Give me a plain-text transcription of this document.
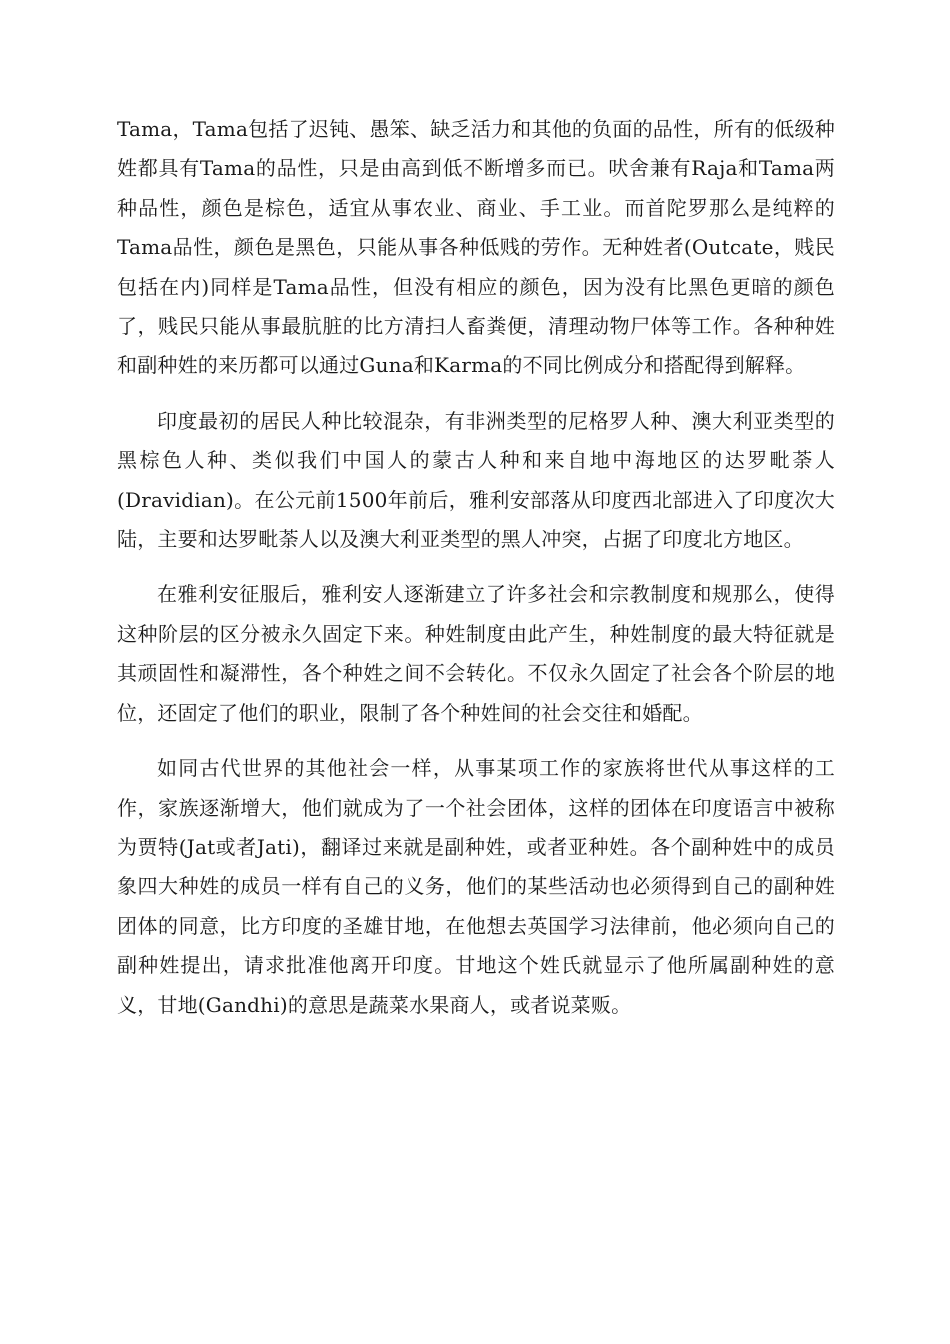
Tama，Tama包括了迟钝、愚笨、缺乏活力和其他的负面的品性，所有的低级种姓都具有Tama的品性，只是由高到低不断增多而已。吠舍兼有Raja和Tama两种品性，颜色是棕色，适宜从事农业、商业、手工业。而首陀罗那么是纯粹的Tama品性，颜色是黑色，只能从事各种低贱的劳作。无种姓者(Outcate，贱民包括在内)同样是Tama品性，但没有相应的颜色，因为没有比黑色更暗的颜色了，贱民只能从事最肮脏的比方清扫人畜粪便，清理动物尸体等工作。各种种姓和副种姓的来历都可以通过Guna和Karma的不同比例成分和搭配得到解释。

印度最初的居民人种比较混杂，有非洲类型的尼格罗人种、澳大利亚类型的黑棕色人种、类似我们中国人的蒙古人种和来自地中海地区的达罗毗荼人(Dravidian)。在公元前1500年前后，雅利安部落从印度西北部进入了印度次大陆，主要和达罗毗荼人以及澳大利亚类型的黑人冲突，占据了印度北方地区。

在雅利安征服后，雅利安人逐渐建立了许多社会和宗教制度和规那么，使得这种阶层的区分被永久固定下来。种姓制度由此产生，种姓制度的最大特征就是其顽固性和凝滞性，各个种姓之间不会转化。不仅永久固定了社会各个阶层的地位，还固定了他们的职业，限制了各个种姓间的社会交往和婚配。

如同古代世界的其他社会一样，从事某项工作的家族将世代从事这样的工作，家族逐渐增大，他们就成为了一个社会团体，这样的团体在印度语言中被称为贾特(Jat或者Jati)，翻译过来就是副种姓，或者亚种姓。各个副种姓中的成员象四大种姓的成员一样有自己的义务，他们的某些活动也必须得到自己的副种姓团体的同意，比方印度的圣雄甘地，在他想去英国学习法律前，他必须向自己的副种姓提出，请求批准他离开印度。甘地这个姓氏就显示了他所属副种姓的意义，甘地(Gandhi)的意思是蔬菜水果商人，或者说菜贩。
